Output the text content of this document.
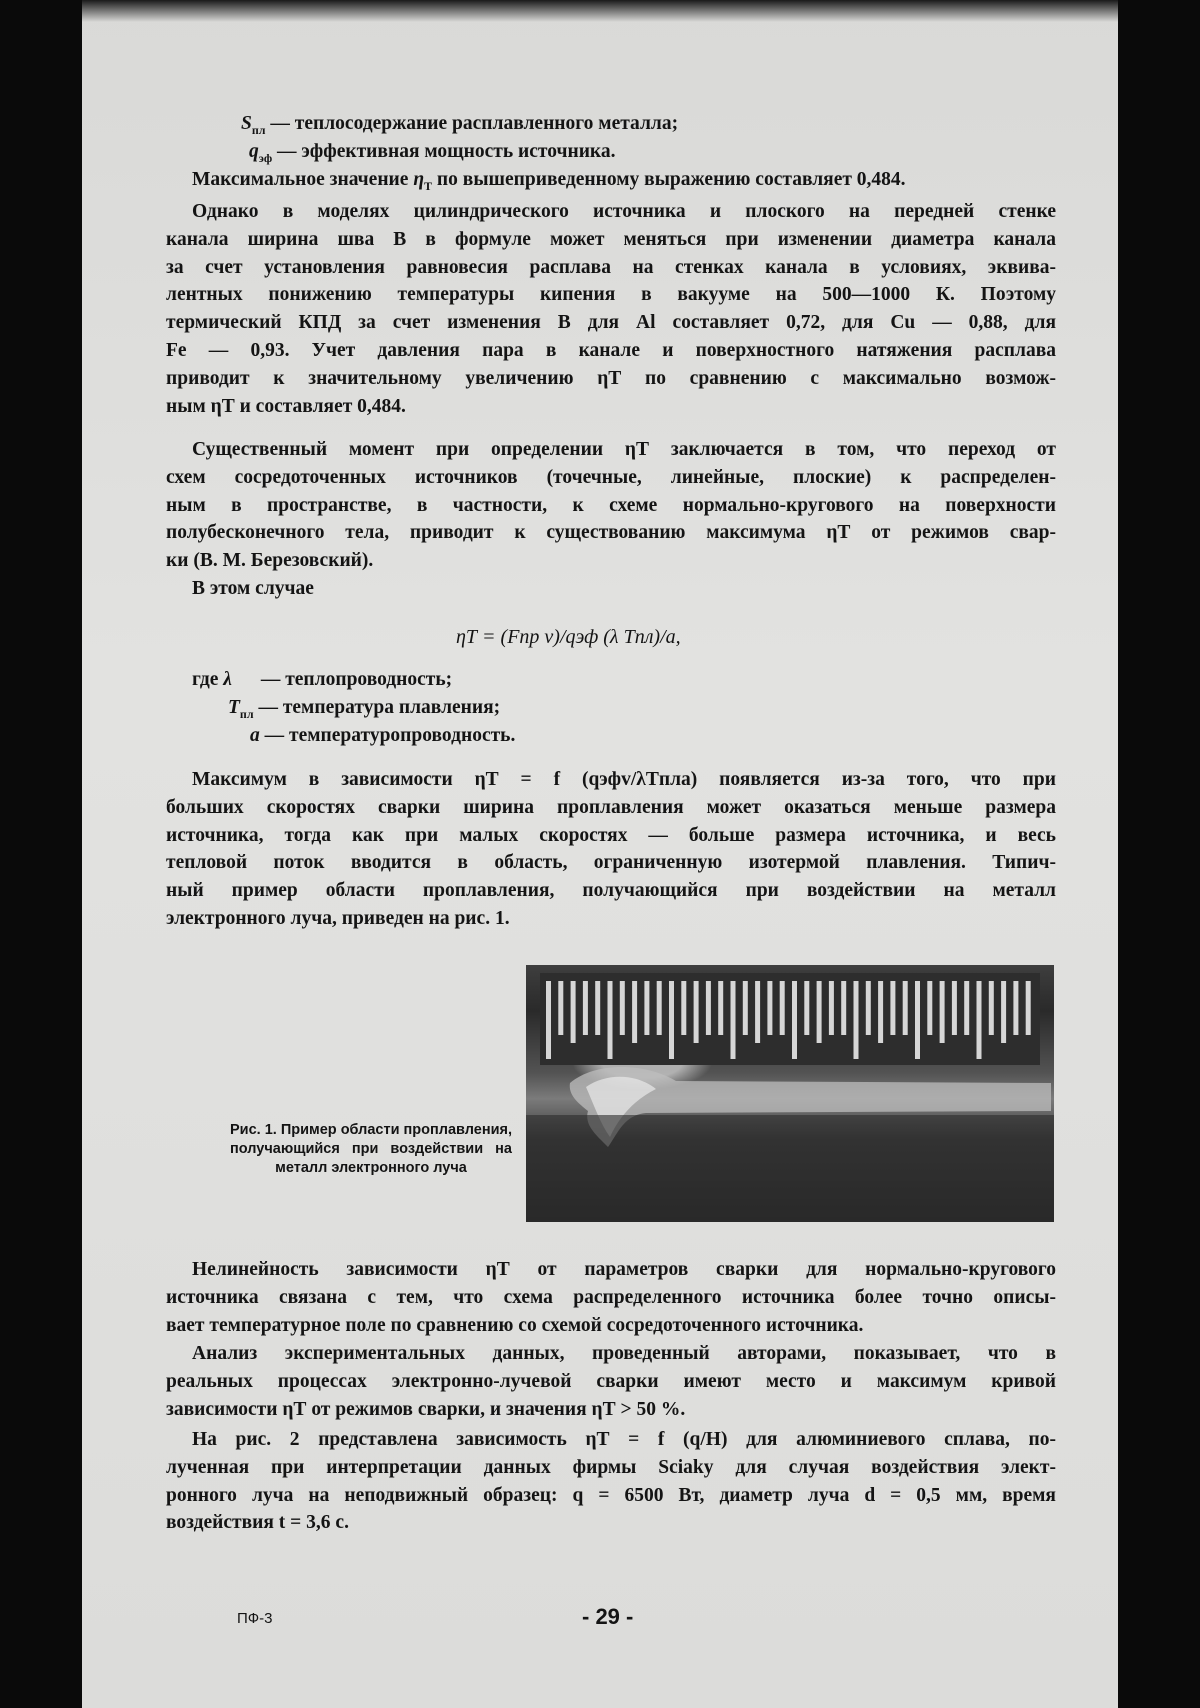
$S_{пл}$ — теплосодержание расплавленного металла;
$q_{эф}$ — эффективная мощность источника.
Максимальное значение $\eta_Т$ по вышеприведенному выражению составляет 0,484.
Однако в моделях цилиндрического источника и плоского на передней стенке
канала ширина шва В в формуле может меняться при изменении диаметра канала
за счет установления равновесия расплава на стенках канала в условиях, эквива-
лентных понижению температуры кипения в вакууме на 500—1000 К. Поэтому
термический КПД за счет изменения В для Al составляет 0,72, для Cu — 0,88, для
Fe — 0,93. Учет давления пара в канале и поверхностного натяжения расплава
приводит к значительному увеличению ηТ по сравнению с максимально возмож-
ным ηТ и составляет 0,484.
Существенный момент при определении ηТ заключается в том, что переход от
схем сосредоточенных источников (точечные, линейные, плоские) к распределен-
ным в пространстве, в частности, к схеме нормально-кругового на поверхности
полубесконечного тела, приводит к существованию максимума ηТ от режимов свар-
ки (В. М. Березовский).
В этом случае
ηТ = (Fпр v)/qэф (λ Tпл)/a,
где λ — теплопроводность;
$T_{пл}$ — температура плавления;
a — температуропроводность.
Максимум в зависимости ηТ = f (qэфv/λTплa) появляется из-за того, что при
больших скоростях сварки ширина проплавления может оказаться меньше размера
источника, тогда как при малых скоростях — больше размера источника, и весь
тепловой поток вводится в область, ограниченную изотермой плавления. Типич-
ный пример области проплавления, получающийся при воздействии на металл
электронного луча, приведен на рис. 1.
Рис. 1. Пример области проплавления, получающийся при воздействии на металл электронного луча
Нелинейность зависимости ηТ от параметров сварки для нормально-кругового
источника связана с тем, что схема распределенного источника более точно описы-
вает температурное поле по сравнению со схемой сосредоточенного источника.
Анализ экспериментальных данных, проведенный авторами, показывает, что в
реальных процессах электронно-лучевой сварки имеют место и максимум кривой
зависимости ηТ от режимов сварки, и значения ηТ > 50 %.
На рис. 2 представлена зависимость ηТ = f (q/H) для алюминиевого сплава, по-
лученная при интерпретации данных фирмы Sciaky для случая воздействия элект-
ронного луча на неподвижный образец: q = 6500 Вт, диаметр луча d = 0,5 мм, время
воздействия t = 3,6 с.
ПФ-3	- 29 -
